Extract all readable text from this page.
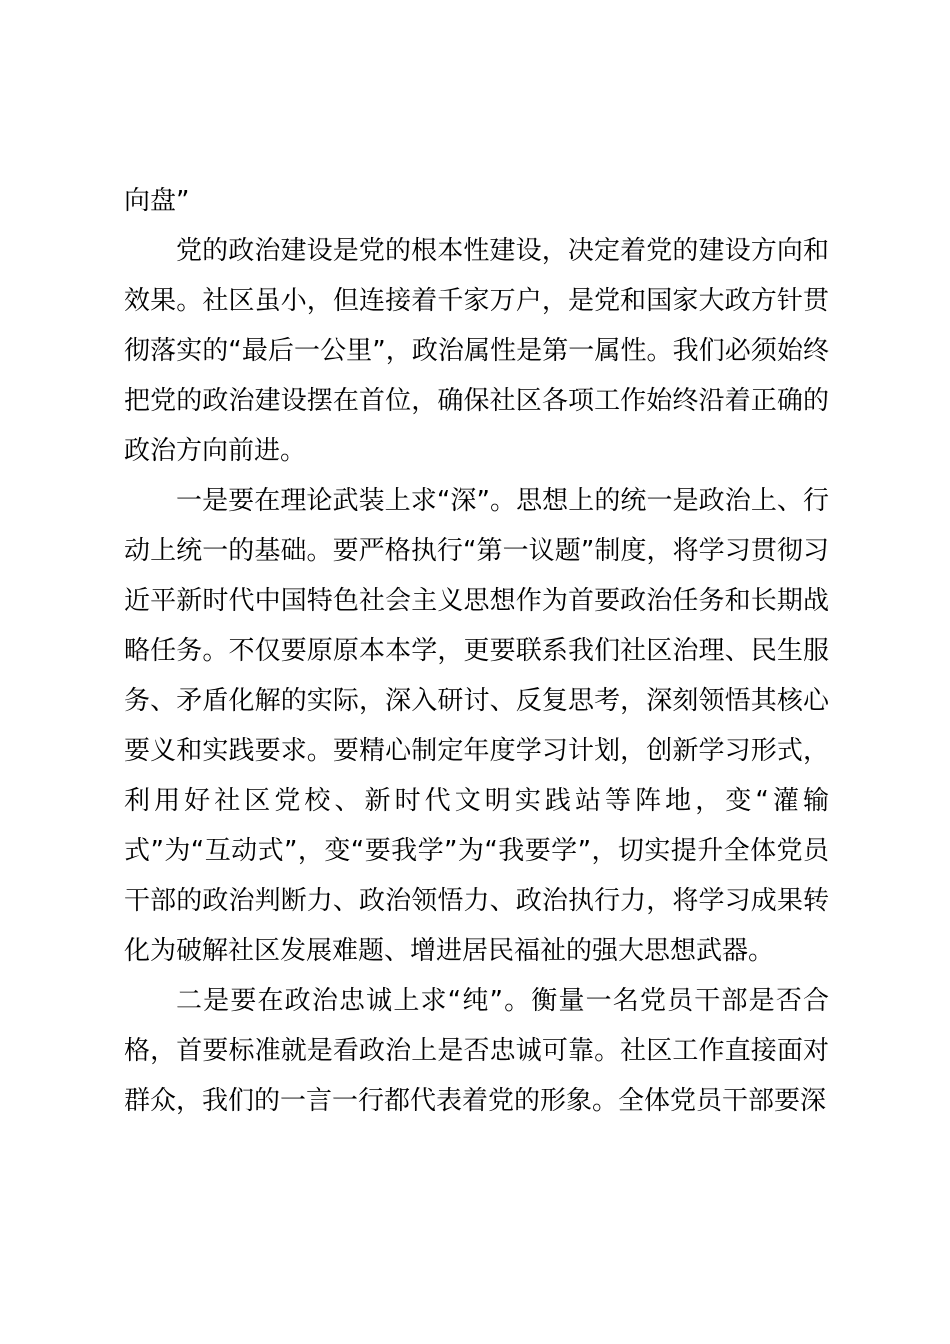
向盘”

党的政治建设是党的根本性建设，决定着党的建设方向和效果。社区虽小，但连接着千家万户，是党和国家大政方针贯彻落实的“最后一公里”，政治属性是第一属性。我们必须始终把党的政治建设摆在首位，确保社区各项工作始终沿着正确的政治方向前进。

一是要在理论武装上求“深”。思想上的统一是政治上、行动上统一的基础。要严格执行“第一议题”制度，将学习贯彻习近平新时代中国特色社会主义思想作为首要政治任务和长期战略任务。不仅要原原本本学，更要联系我们社区治理、民生服务、矛盾化解的实际，深入研讨、反复思考，深刻领悟其核心要义和实践要求。要精心制定年度学习计划，创新学习形式，利用好社区党校、新时代文明实践站等阵地，变“灌输式”为“互动式”，变“要我学”为“我要学”，切实提升全体党员干部的政治判断力、政治领悟力、政治执行力，将学习成果转化为破解社区发展难题、增进居民福祉的强大思想武器。

二是要在政治忠诚上求“纯”。衡量一名党员干部是否合格，首要标准就是看政治上是否忠诚可靠。社区工作直接面对群众，我们的一言一行都代表着党的形象。全体党员干部要深
